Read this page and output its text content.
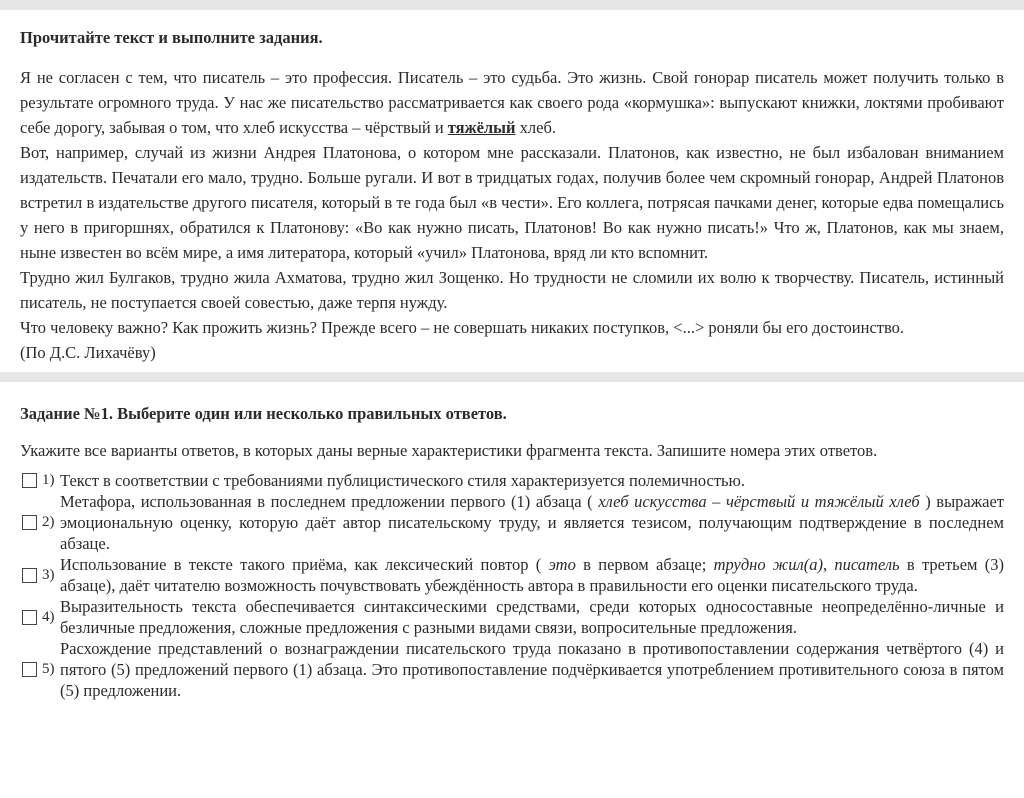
Прочитайте текст и выполните задания.

Я не согласен с тем, что писатель – это профессия. Писатель – это судьба. Это жизнь. Свой гонорар писатель может получить только в результате огромного труда. У нас же писательство рассматривается как своего рода «кормушка»: выпускают книжки, локтями пробивают себе дорогу, забывая о том, что хлеб искусства – чёрствый и тяжёлый хлеб.

Вот, например, случай из жизни Андрея Платонова, о котором мне рассказали. Платонов, как известно, не был избалован вниманием издательств. Печатали его мало, трудно. Больше ругали. И вот в тридцатых годах, получив более чем скромный гонорар, Андрей Платонов встретил в издательстве другого писателя, который в те года был «в чести». Его коллега, потрясая пачками денег, которые едва помещались у него в пригоршнях, обратился к Платонову: «Во как нужно писать, Платонов! Во как нужно писать!» Что ж, Платонов, как мы знаем, ныне известен во всём мире, а имя литератора, который «учил» Платонова, вряд ли кто вспомнит.

Трудно жил Булгаков, трудно жила Ахматова, трудно жил Зощенко. Но трудности не сломили их волю к творчеству. Писатель, истинный писатель, не поступается своей совестью, даже терпя нужду.

Что человеку важно? Как прожить жизнь? Прежде всего – не совершать никаких поступков, <...> роняли бы его достоинство.

(По Д.С. Лихачёву)

Задание №1. Выберите один или несколько правильных ответов.
Укажите все варианты ответов, в которых даны верные характеристики фрагмента текста. Запишите номера этих ответов.
1) Текст в соответствии с требованиями публицистического стиля характеризуется полемичностью.
2)
Метафора, использованная в последнем предложении первого (1) абзаца ( хлеб искусства – чёрствый и тяжёлый хлеб ) выражает эмоциональную оценку, которую даёт автор писательскому труду, и является тезисом, получающим подтверждение в последнем абзаце.
3)
Использование в тексте такого приёма, как лексический повтор ( это в первом абзаце; трудно жил(а), писатель в третьем (3) абзаце), даёт читателю возможность почувствовать убеждённость автора в правильности его оценки писательского труда.
4)
Выразительность текста обеспечивается синтаксическими средствами, среди которых односоставные неопределённо-личные и безличные предложения, сложные предложения с разными видами связи, вопросительные предложения.
5)
Расхождение представлений о вознаграждении писательского труда показано в противопоставлении содержания четвёртого (4) и пятого (5) предложений первого (1) абзаца. Это противопоставление подчёркивается употреблением противительного союза в пятом (5) предложении.
